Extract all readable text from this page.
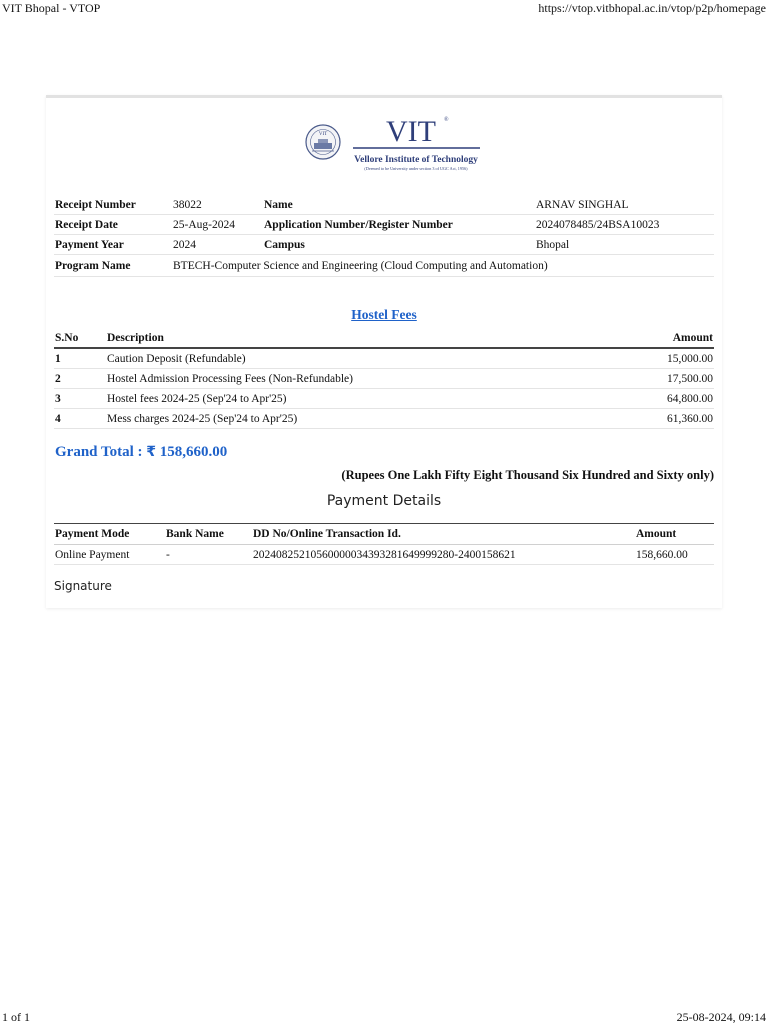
VIT Bhopal - VTOP	https://vtop.vitbhopal.ac.in/vtop/p2p/homepage
VIT VIT ®
Vellore Institute of Technology
(Deemed to be University under section 3 of UGC Act, 1956)
Receipt Number	38022	Name	ARNAV SINGHAL
Receipt Date	25-Aug-2024	Application Number/Register Number	2024078485/24BSA10023
Payment Year	2024	Campus	Bhopal
Program Name	BTECH-Computer Science and Engineering (Cloud Computing and Automation)		
Hostel Fees
S.No	Description	Amount
1	Caution Deposit (Refundable)	15,000.00
2	Hostel Admission Processing Fees (Non-Refundable)	17,500.00
3	Hostel fees 2024-25 (Sep'24 to Apr'25)	64,800.00
4	Mess charges 2024-25 (Sep'24 to Apr'25)	61,360.00
Grand Total : ₹ 158,660.00
(Rupees One Lakh Fifty Eight Thousand Six Hundred and Sixty only)
Payment Details
Payment Mode	Bank Name	DD No/Online Transaction Id.	Amount
Online Payment	-	20240825210560000034393281649999280-2400158621	158,660.00
Signature
1 of 1	25-08-2024, 09:14
